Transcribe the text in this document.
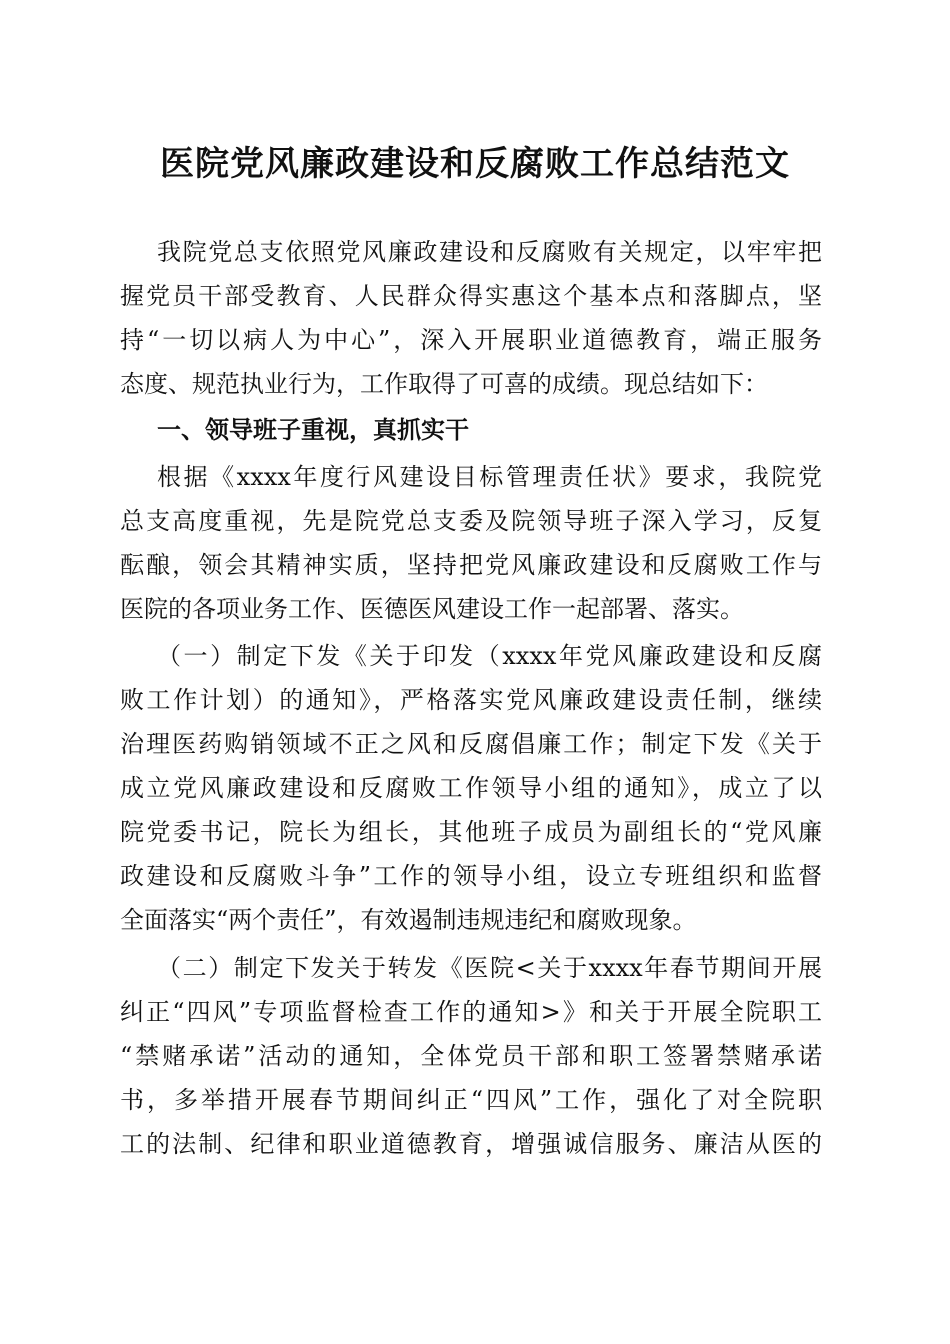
医院党风廉政建设和反腐败工作总结范文
我院党总支依照党风廉政建设和反腐败有关规定，以牢牢把
握党员干部受教育、人民群众得实惠这个基本点和落脚点，坚
持“一切以病人为中心”，深入开展职业道德教育，端正服务
态度、规范执业行为，工作取得了可喜的成绩。现总结如下：
一、领导班子重视，真抓实干
根据《xxxx年度行风建设目标管理责任状》要求，我院党
总支高度重视，先是院党总支委及院领导班子深入学习，反复
酝酿，领会其精神实质，坚持把党风廉政建设和反腐败工作与
医院的各项业务工作、医德医风建设工作一起部署、落实。
（一）制定下发《关于印发（xxxx年党风廉政建设和反腐
败工作计划）的通知》，严格落实党风廉政建设责任制，继续
治理医药购销领域不正之风和反腐倡廉工作；制定下发《关于
成立党风廉政建设和反腐败工作领导小组的通知》，成立了以
院党委书记，院长为组长，其他班子成员为副组长的“党风廉
政建设和反腐败斗争”工作的领导小组，设立专班组织和监督
全面落实“两个责任”，有效遏制违规违纪和腐败现象。
（二）制定下发关于转发《医院<关于xxxx年春节期间开展
纠正“四风”专项监督检查工作的通知>》和关于开展全院职工
“禁赌承诺”活动的通知，全体党员干部和职工签署禁赌承诺
书，多举措开展春节期间纠正“四风”工作，强化了对全院职
工的法制、纪律和职业道德教育，增强诚信服务、廉洁从医的
